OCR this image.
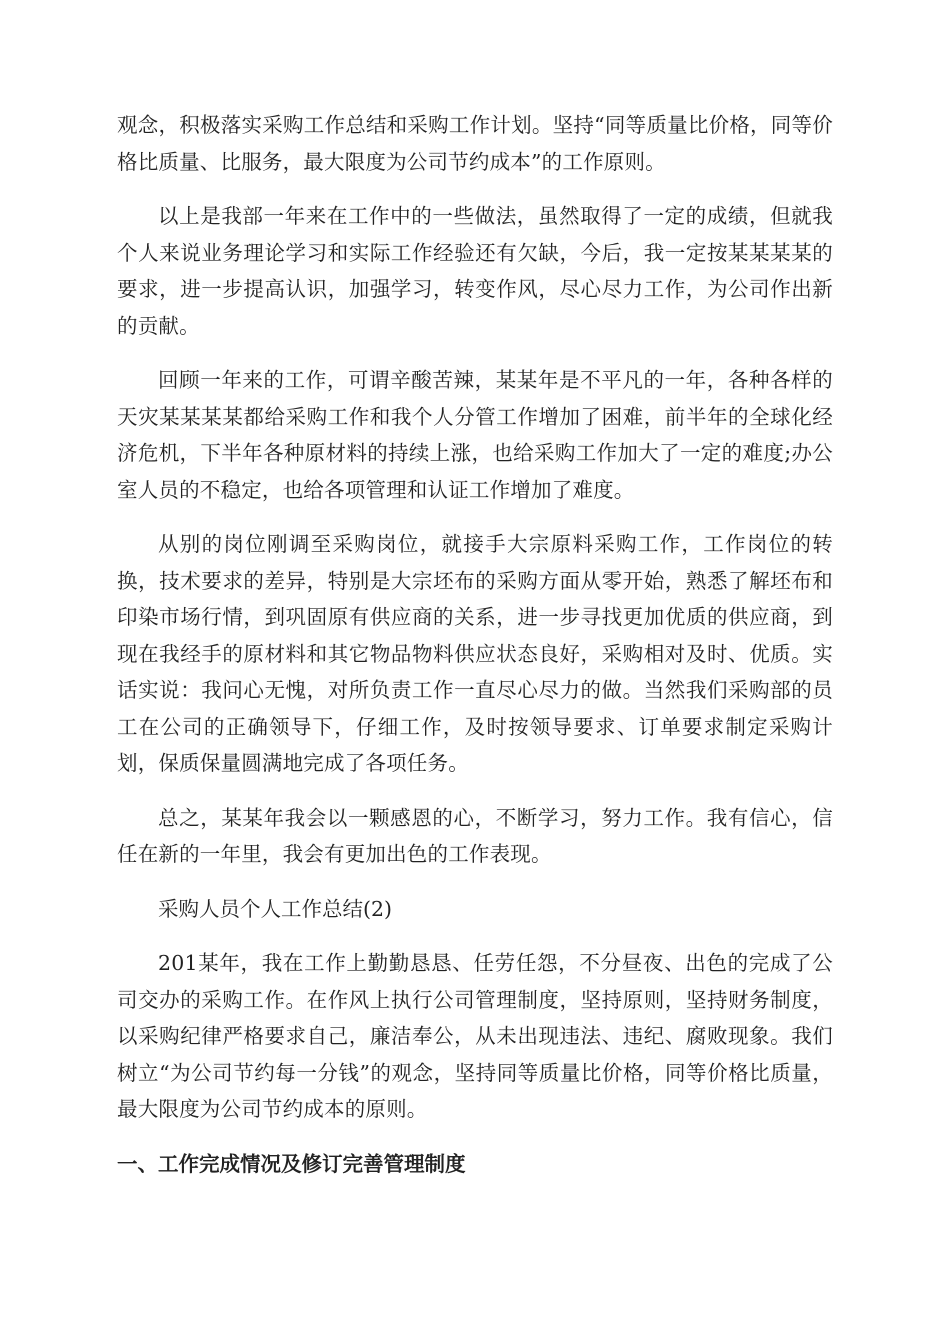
观念，积极落实采购工作总结和采购工作计划。坚持“同等质量比价格，同等价格比质量、比服务，最大限度为公司节约成本”的工作原则。

以上是我部一年来在工作中的一些做法，虽然取得了一定的成绩，但就我个人来说业务理论学习和实际工作经验还有欠缺，今后，我一定按某某某某的要求，进一步提高认识，加强学习，转变作风，尽心尽力工作，为公司作出新的贡献。

回顾一年来的工作，可谓辛酸苦辣，某某年是不平凡的一年，各种各样的天灾某某某某都给采购工作和我个人分管工作增加了困难，前半年的全球化经济危机，下半年各种原材料的持续上涨，也给采购工作加大了一定的难度;办公室人员的不稳定，也给各项管理和认证工作增加了难度。

从别的岗位刚调至采购岗位，就接手大宗原料采购工作，工作岗位的转换，技术要求的差异，特别是大宗坯布的采购方面从零开始，熟悉了解坯布和印染市场行情，到巩固原有供应商的关系，进一步寻找更加优质的供应商，到现在我经手的原材料和其它物品物料供应状态良好，采购相对及时、优质。实话实说：我问心无愧，对所负责工作一直尽心尽力的做。当然我们采购部的员工在公司的正确领导下，仔细工作，及时按领导要求、订单要求制定采购计划，保质保量圆满地完成了各项任务。

总之，某某年我会以一颗感恩的心，不断学习，努力工作。我有信心，信任在新的一年里，我会有更加出色的工作表现。

采购人员个人工作总结(2)

201某年，我在工作上勤勤恳恳、任劳任怨，不分昼夜、出色的完成了公司交办的采购工作。在作风上执行公司管理制度，坚持原则，坚持财务制度，以采购纪律严格要求自己，廉洁奉公，从未出现违法、违纪、腐败现象。我们树立“为公司节约每一分钱”的观念，坚持同等质量比价格，同等价格比质量，最大限度为公司节约成本的原则。

一、工作完成情况及修订完善管理制度
